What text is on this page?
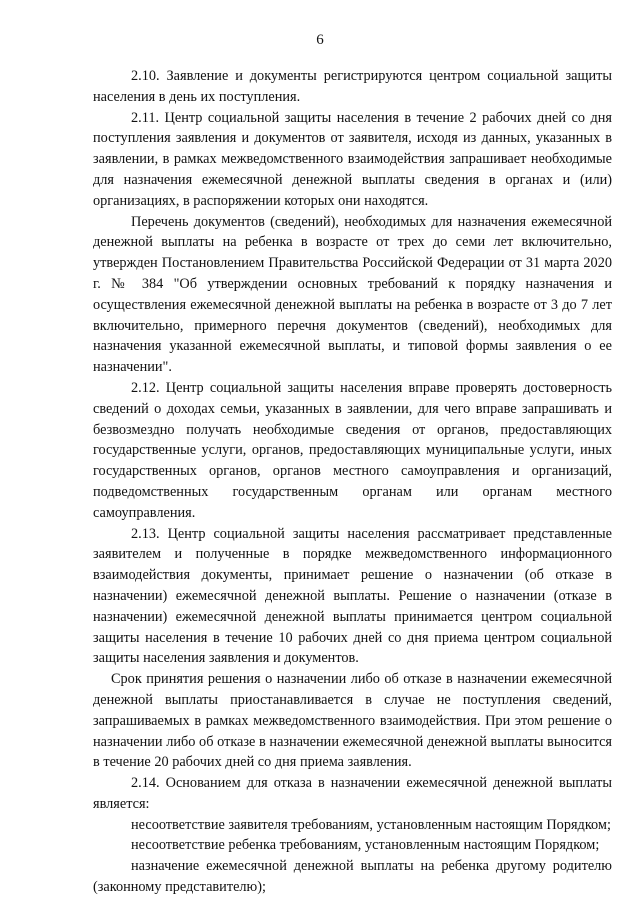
6

2.10. Заявление и документы регистрируются центром социальной защиты населения в день их поступления.

2.11. Центр социальной защиты населения в течение 2 рабочих дней со дня поступления заявления и документов от заявителя, исходя из данных, указанных в заявлении, в рамках межведомственного взаимодействия запрашивает необходимые для назначения ежемесячной денежной выплаты сведения в органах и (или) организациях, в распоряжении которых они находятся.

Перечень документов (сведений), необходимых для назначения ежемесячной денежной выплаты на ребенка в возрасте от трех до семи лет включительно, утвержден Постановлением Правительства Российской Федерации от 31 марта 2020 г. № 384 "Об утверждении основных требований к порядку назначения и осуществления ежемесячной денежной выплаты на ребенка в возрасте от 3 до 7 лет включительно, примерного перечня документов (сведений), необходимых для назначения указанной ежемесячной выплаты, и типовой формы заявления о ее назначении".

2.12. Центр социальной защиты населения вправе проверять достоверность сведений о доходах семьи, указанных в заявлении, для чего вправе запрашивать и безвозмездно получать необходимые сведения от органов, предоставляющих государственные услуги, органов, предоставляющих муниципальные услуги, иных государственных органов, органов местного самоуправления и организаций, подведомственных государственным органам или органам местного самоуправления.

2.13. Центр социальной защиты населения рассматривает представленные заявителем и полученные в порядке межведомственного информационного взаимодействия документы, принимает решение о назначении (об отказе в назначении) ежемесячной денежной выплаты. Решение о назначении (отказе в назначении) ежемесячной денежной выплаты принимается центром социальной защиты населения в течение 10 рабочих дней со дня приема центром социальной защиты населения заявления и документов.

Срок принятия решения о назначении либо об отказе в назначении ежемесячной денежной выплаты приостанавливается в случае не поступления сведений, запрашиваемых в рамках межведомственного взаимодействия. При этом решение о назначении либо об отказе в назначении ежемесячной денежной выплаты выносится в течение 20 рабочих дней со дня приема заявления.

2.14. Основанием для отказа в назначении ежемесячной денежной выплаты является:

несоответствие заявителя требованиям, установленным настоящим Порядком;

несоответствие ребенка требованиям, установленным настоящим Порядком;

назначение ежемесячной денежной выплаты на ребенка другому родителю (законному представителю);
